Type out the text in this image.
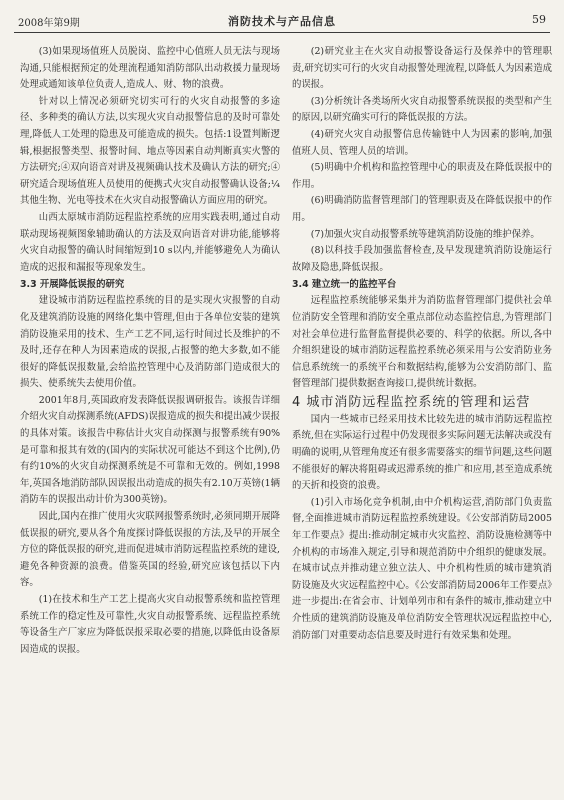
2008年第9期	消防技术与产品信息	59

(3)如果现场值班人员脱岗、监控中心值班人员无法与现场沟通,只能根据预定的处理流程通知消防部队出动救援力量现场处理或通知该单位负责人,造成人、财、物的浪费。

针对以上情况必须研究切实可行的火灾自动报警的多途径、多种类的确认方法,以实现火灾自动报警信息的及时可靠处理,降低人工处理的隐患及可能造成的损失。包括:1设置判断逻辑,根据报警类型、报警时间、地点等因素自动判断真实火警的方法研究;④双向语音对讲及视频确认技术及确认方法的研究;④研究适合现场值班人员使用的便携式火灾自动报警确认设备;¼其他生物、光电等技术在火灾自动报警确认方面应用的研究。

山西太原城市消防远程监控系统的应用实践表明,通过自动联动现场视频图象辅助确认的方法及双向语音对讲功能,能够将火灾自动报警的确认时间缩短到10 s以内,并能够避免人为确认造成的迟报和漏报等现象发生。

3.3 开展降低误报的研究

建设城市消防远程监控系统的目的是实现火灾报警的自动化及建筑消防设施的网络化集中管理,但由于各单位安装的建筑消防设施采用的技术、生产工艺不同,运行时间过长及维护的不及时,还存在种人为因素造成的误报,占报警的绝大多数,如不能很好的降低误报数量,会给监控管理中心及消防部门造成很大的损失、使系统失去使用价值。

2001年8月,英国政府发表降低误报调研报告。该报告详细介绍火灾自动探测系统(AFDS)误报造成的损失和提出减少误报的具体对策。该报告中称估计火灾自动探测与报警系统有90%是可靠和报其有效的(国内的实际状况可能达不到这个比例),仍有约10%的火灾自动探测系统是不可靠和无效的。例如,1998年,英国各地消防部队因误报出动造成的损失有2.10万英镑(1辆消防车的误报出动计价为300英镑)。

因此,国内在推广使用火灾联网报警系统时,必须同期开展降低误报的研究,要从各个角度探讨降低误报的方法,及早的开展全方位的降低误报的研究,进而促进城市消防远程监控系统的建设,避免各种资源的浪费。借鉴英国的经验,研究应该包括以下内容。

(1)在技术和生产工艺上提高火灾自动报警系统和监控管理系统工作的稳定性及可靠性,火灾自动报警系统、远程监控系统等设备生产厂家应为降低误报采取必要的措施,以降低由设备原因造成的误报。

(2)研究业主在火灾自动报警设备运行及保养中的管理职责,研究切实可行的火灾自动报警处理流程,以降低人为因素造成的误报。

(3)分析统计各类场所火灾自动报警系统误报的类型和产生的原因,以研究确实可行的降低误报的方法。

(4)研究火灾自动报警信息传输链中人为因素的影响,加强值班人员、管理人员的培训。

(5)明确中介机构和监控管理中心的职责及在降低误报中的作用。

(6)明确消防监督管理部门的管理职责及在降低误报中的作用。

(7)加强火灾自动报警系统等建筑消防设施的维护保养。

(8)以科技手段加强监督检查,及早发现建筑消防设施运行故障及隐患,降低误报。

3.4 建立统一的监控平台

远程监控系统能够采集并为消防监督管理部门提供社会单位消防安全管理和消防安全重点部位动态监控信息,为管理部门对社会单位进行监督监督提供必要的、科学的依据。所以,各中介组织建设的城市消防远程监控系统必须采用与公安消防业务信息系统统一的系统平台和数据结构,能够为公安消防部门、监督管理部门提供数据查询接口,提供统计数据。

4 城市消防远程监控系统的管理和运营

国内一些城市已经采用技术比较先进的城市消防远程监控系统,但在实际运行过程中仍发现很多实际问题无法解决或没有明确的说明,从管理角度还有很多需要落实的细节问题,这些问题不能很好的解决将阻碍或迟滞系统的推广和应用,甚至造成系统的天折和投资的浪费。

(1)引入市场化竞争机制,由中介机构运营,消防部门负责监督,全面推进城市消防远程监控系统建设。《公安部消防局2005年工作要点》提出:推动制定城市火灾监控、消防设施检测等中介机构的市场准入规定,引导和规范消防中介组织的健康发展。在城市试点并推动建立独立法人、中介机构性质的城市建筑消防设施及火灾远程监控中心。《公安部消防局2006年工作要点》进一步提出:在省会市、计划单列市和有条件的城市,推动建立中介性质的建筑消防设施及单位消防安全管理状况远程监控中心,消防部门对重要动态信息要及时进行有效采集和处理。
